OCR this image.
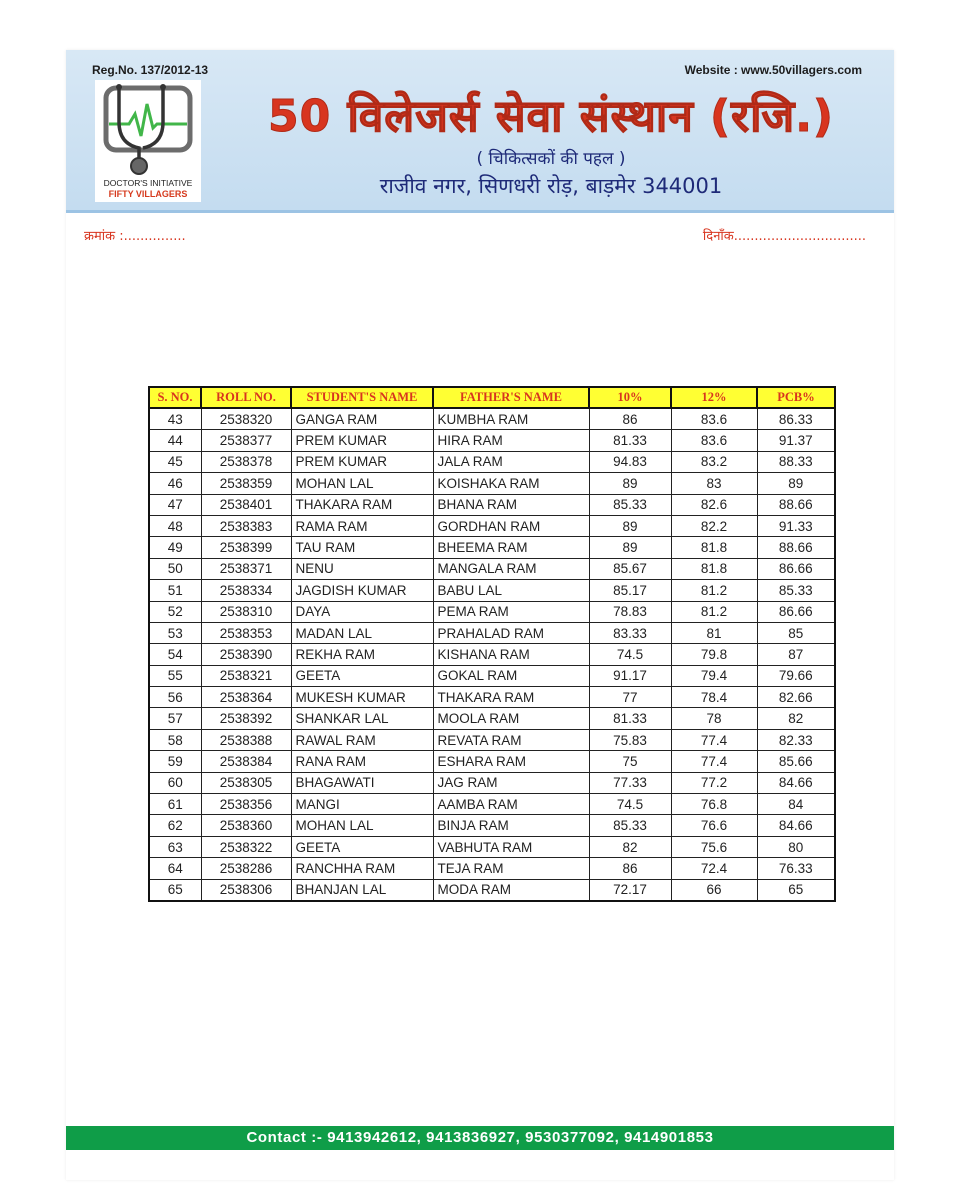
Reg.No. 137/2012-13	Website : www.50villagers.com
DOCTOR'S INITIATIVE
FIFTY VILLAGERS
50 विलेजर्स सेवा संस्थान (रजि.)
( चिकित्सकों की पहल )
राजीव नगर, सिणधरी रोड़, बाड़मेर 344001
क्रमांक :...............	दिनाँक................................
S. NO.	ROLL NO.	STUDENT'S NAME	FATHER'S NAME	10%	12%	PCB%
43	2538320	GANGA RAM	KUMBHA RAM	86	83.6	86.33
44	2538377	PREM KUMAR	HIRA RAM	81.33	83.6	91.37
45	2538378	PREM KUMAR	JALA RAM	94.83	83.2	88.33
46	2538359	MOHAN LAL	KOISHAKA RAM	89	83	89
47	2538401	THAKARA RAM	BHANA RAM	85.33	82.6	88.66
48	2538383	RAMA RAM	GORDHAN RAM	89	82.2	91.33
49	2538399	TAU RAM	BHEEMA RAM	89	81.8	88.66
50	2538371	NENU	MANGALA RAM	85.67	81.8	86.66
51	2538334	JAGDISH KUMAR	BABU LAL	85.17	81.2	85.33
52	2538310	DAYA	PEMA RAM	78.83	81.2	86.66
53	2538353	MADAN LAL	PRAHALAD RAM	83.33	81	85
54	2538390	REKHA RAM	KISHANA RAM	74.5	79.8	87
55	2538321	GEETA	GOKAL RAM	91.17	79.4	79.66
56	2538364	MUKESH KUMAR	THAKARA RAM	77	78.4	82.66
57	2538392	SHANKAR LAL	MOOLA RAM	81.33	78	82
58	2538388	RAWAL RAM	REVATA RAM	75.83	77.4	82.33
59	2538384	RANA RAM	ESHARA RAM	75	77.4	85.66
60	2538305	BHAGAWATI	JAG RAM	77.33	77.2	84.66
61	2538356	MANGI	AAMBA RAM	74.5	76.8	84
62	2538360	MOHAN LAL	BINJA RAM	85.33	76.6	84.66
63	2538322	GEETA	VABHUTA RAM	82	75.6	80
64	2538286	RANCHHA RAM	TEJA RAM	86	72.4	76.33
65	2538306	BHANJAN LAL	MODA RAM	72.17	66	65
Contact :- 9413942612, 9413836927, 9530377092, 9414901853
